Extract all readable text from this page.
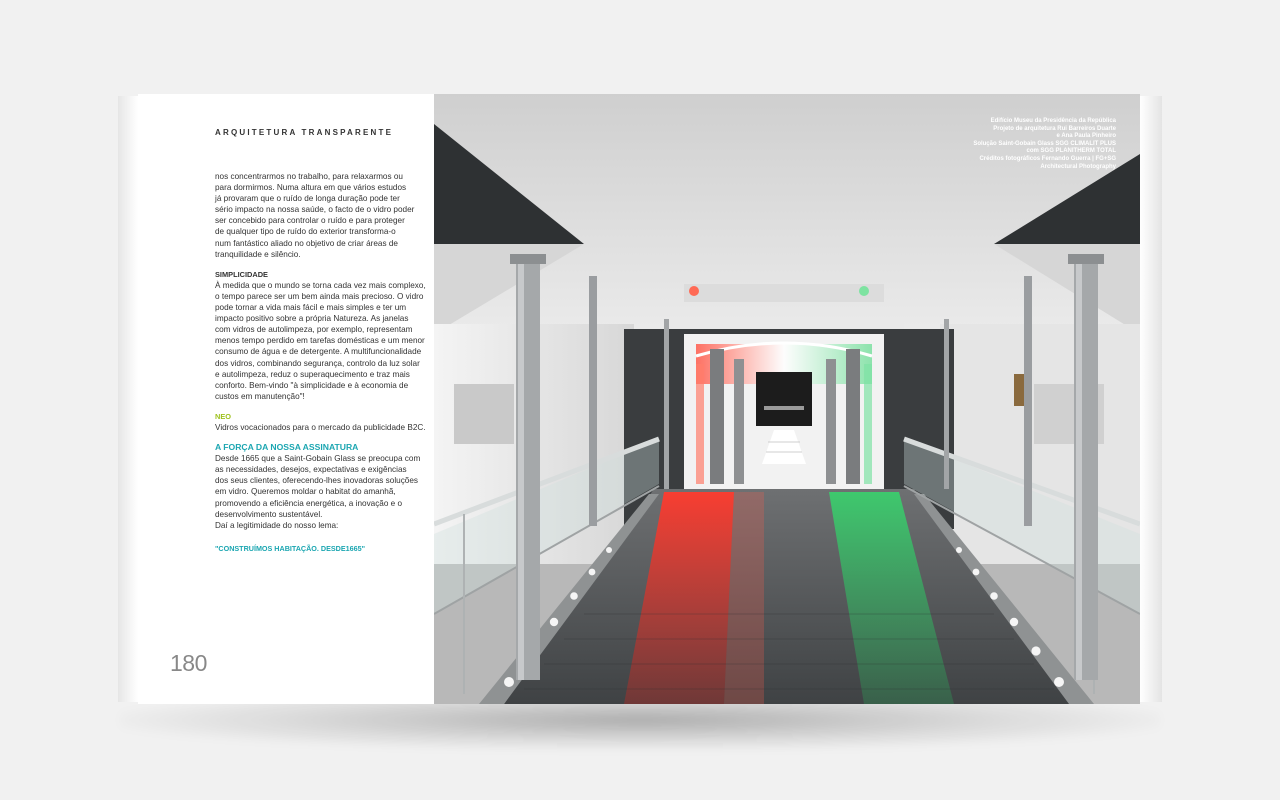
ARQUITETURA TRANSPARENTE

nos concentrarmos no trabalho, para relaxarmos ou

para dormirmos. Numa altura em que vários estudos

já provaram que o ruído de longa duração pode ter

sério impacto na nossa saúde, o facto de o vidro poder

ser concebido para controlar o ruído e para proteger

de qualquer tipo de ruído do exterior transforma-o

num fantástico aliado no objetivo de criar áreas de

tranquilidade e silêncio.

SIMPLICIDADE

À medida que o mundo se torna cada vez mais complexo,

o tempo parece ser um bem ainda mais precioso. O vidro

pode tornar a vida mais fácil e mais simples e ter um

impacto positivo sobre a própria Natureza. As janelas

com vidros de autolimpeza, por exemplo, representam

menos tempo perdido em tarefas domésticas e um menor

consumo de água e de detergente. A multifuncionalidade

dos vidros, combinando segurança, controlo da luz solar

e autolimpeza, reduz o superaquecimento e traz mais

conforto. Bem-vindo "à simplicidade e à economia de

custos em manutenção"!

NEO

Vidros vocacionados para o mercado da publicidade B2C.

A FORÇA DA NOSSA ASSINATURA

Desde 1665 que a Saint-Gobain Glass se preocupa com

as necessidades, desejos, expectativas e exigências

dos seus clientes, oferecendo-lhes inovadoras soluções

em vidro. Queremos moldar o habitat do amanhã,

promovendo a eficiência energética, a inovação e o

desenvolvimento sustentável.

Daí a legitimidade do nosso lema:

"CONSTRUÍMOS HABITAÇÃO. DESDE1665"

180
Edifício Museu da Presidência da República
Projeto de arquitetura Rui Barreiros Duarte
e Ana Paula Pinheiro
Solução Saint-Gobain Glass SGG CLIMALIT PLUS
com SGG PLANITHERM TOTAL
Créditos fotográficos Fernando Guerra | FG+SG
Architectural Photography
